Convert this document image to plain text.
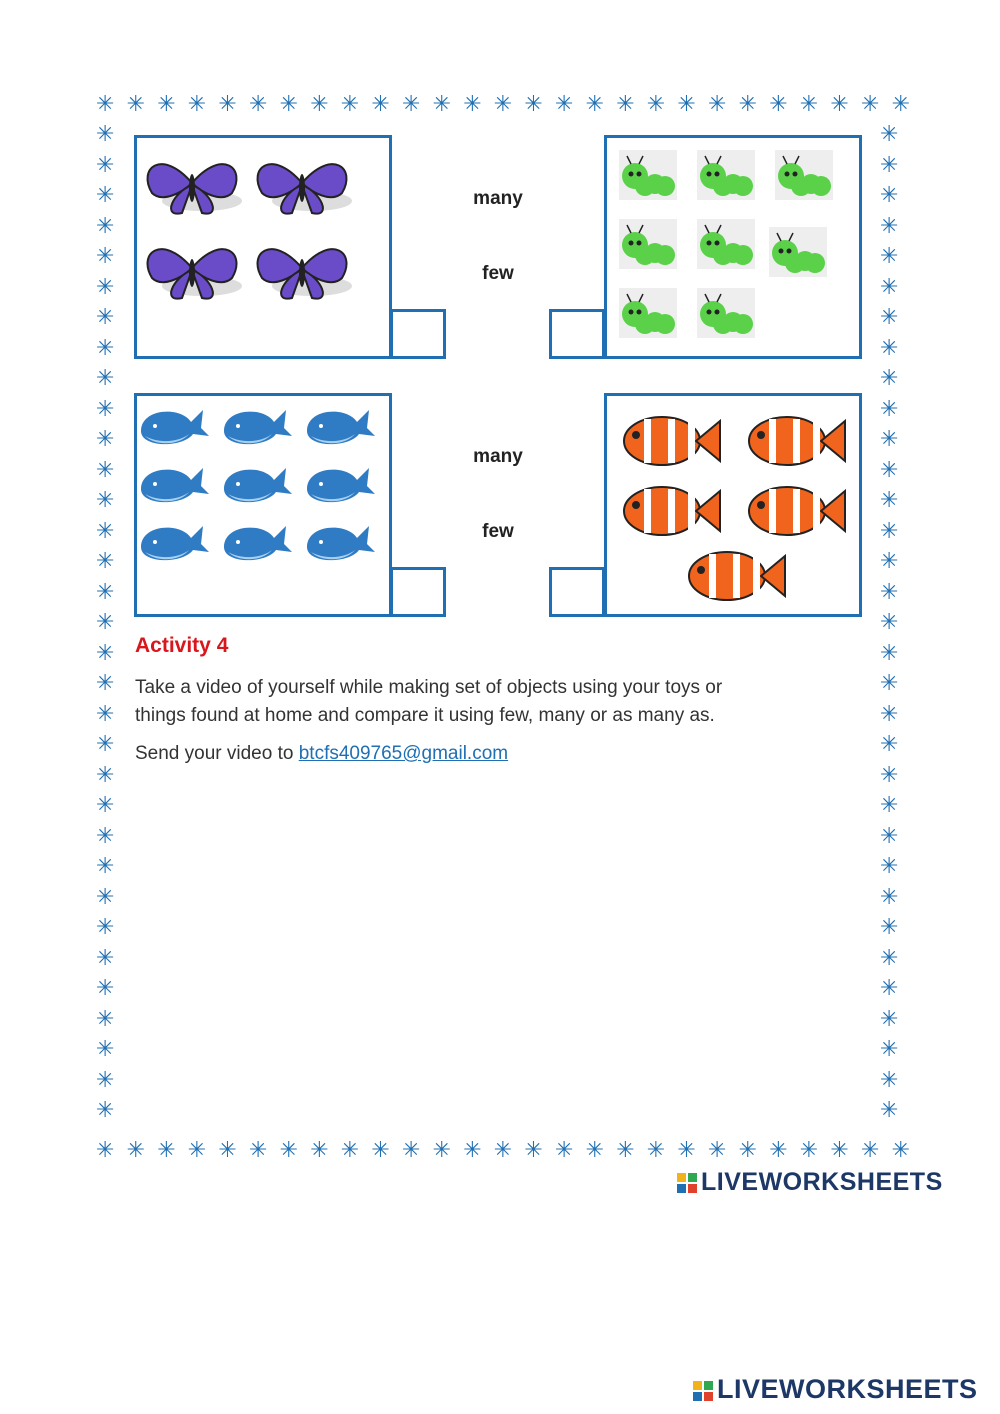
✳
✳
✳
✳
✳
✳
✳
✳
✳
✳
✳
✳
✳
✳
✳
✳
✳
✳
✳
✳
✳
✳
✳
✳
✳
✳
✳
✳
✳
✳
✳
✳
✳
✳
✳
✳
✳
✳
✳
✳
✳
✳
✳
✳
✳
✳
✳
✳
✳
✳
✳
✳
✳
✳
✳	✳
✳	✳
✳	✳
✳	✳
✳	✳
✳	✳
✳	✳
✳	✳
✳	✳
✳	✳
✳	✳
✳	✳
✳	✳
✳	✳
✳	✳
✳	✳
✳	✳
✳	✳
✳	✳
✳	✳
✳	✳
✳	✳
✳	✳
✳	✳
✳	✳
✳	✳
✳	✳
✳	✳
✳	✳
✳	✳
✳	✳
✳	✳
✳	✳
many
few
many
few
Activity 4
Take a video of yourself while making set of objects using your toys or
things found at home and compare it using few, many or as many as.
Send your video to btcfs409765@gmail.com
LIVEWORKSHEETS
LIVEWORKSHEETS
